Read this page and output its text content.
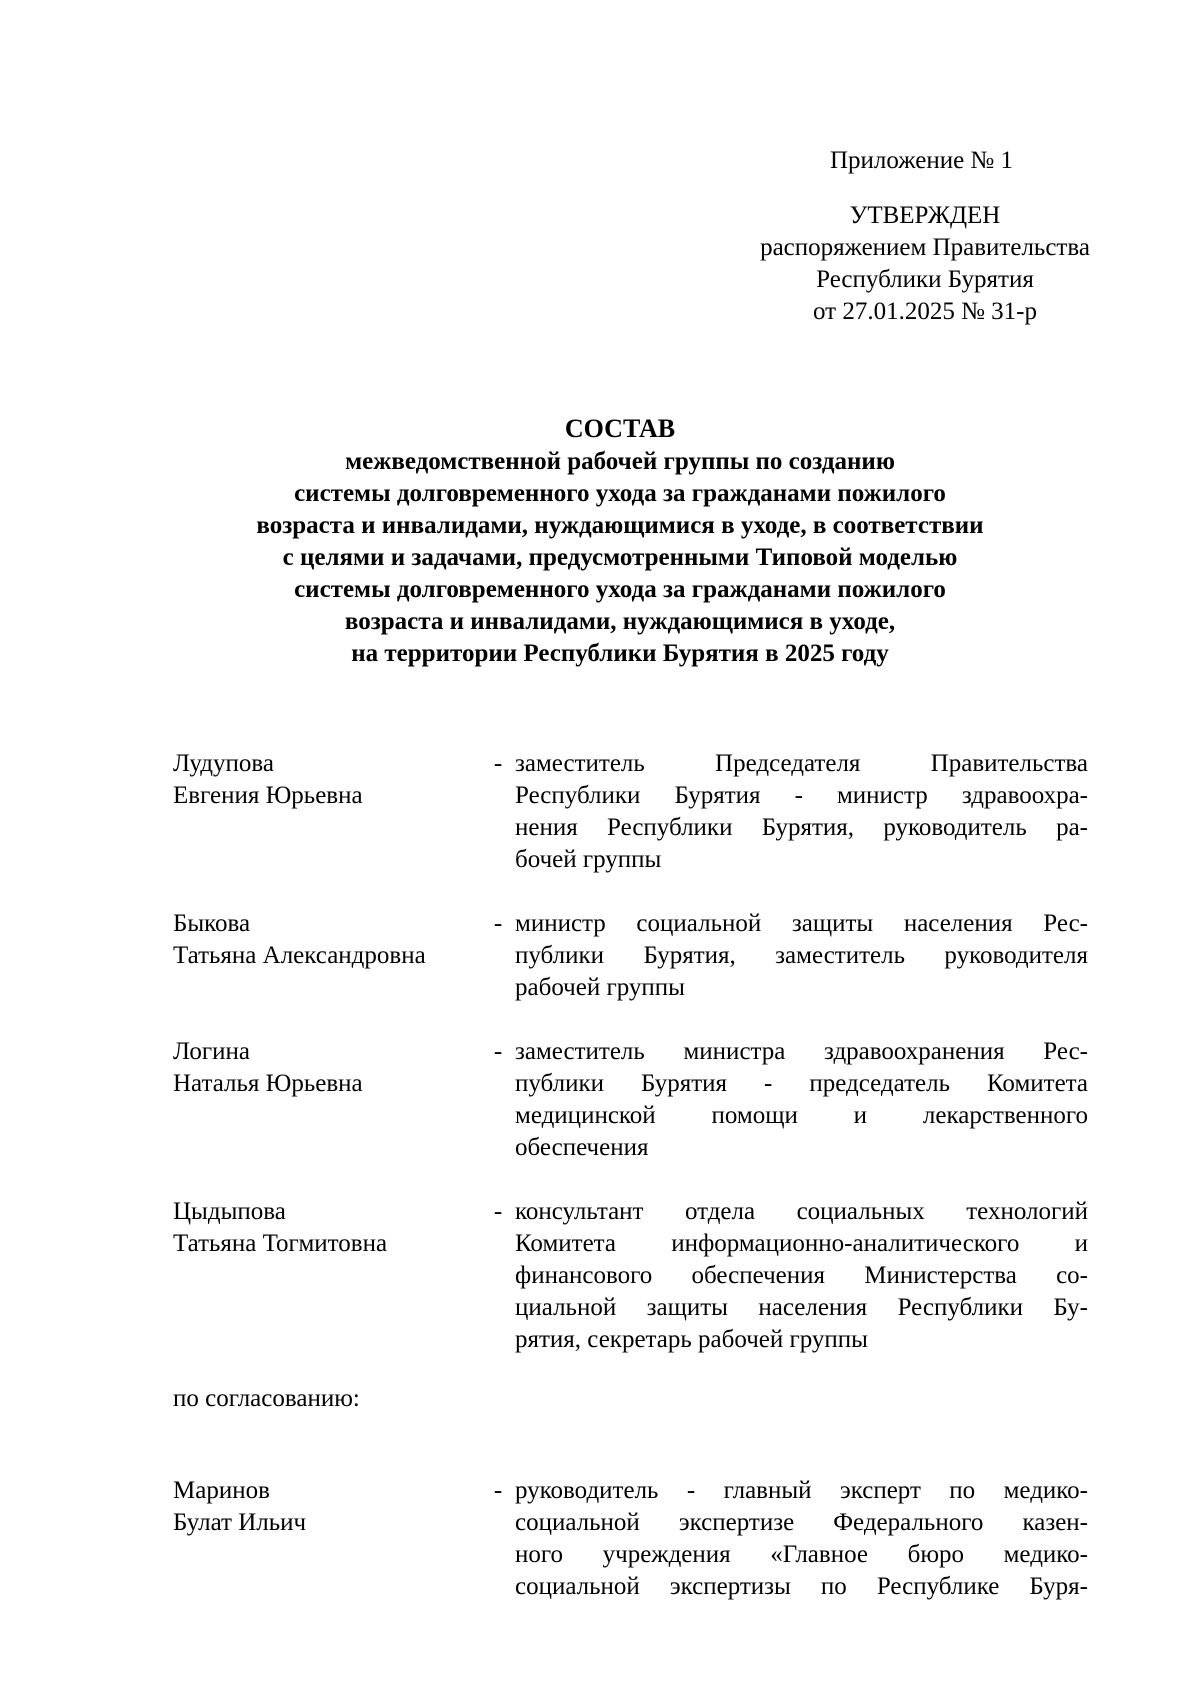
Приложение № 1
УТВЕРЖДЕН
распоряжением Правительства
Республики Бурятия
от 27.01.2025 № 31-р
СОСТАВ
межведомственной рабочей группы по созданию
системы долговременного ухода за гражданами пожилого
возраста и инвалидами, нуждающимися в уходе, в соответствии
с целями и задачами, предусмотренными Типовой моделью
системы долговременного ухода за гражданами пожилого
возраста и инвалидами, нуждающимися в уходе,
на территории Республики Бурятия в 2025 году
Лудупова
Евгения Юрьевна
- заместитель Председателя Правительства
Республики Бурятия - министр здравоохра-
нения Республики Бурятия, руководитель ра-
бочей группы
Быкова
Татьяна Александровна
- министр социальной защиты населения Рес-
публики Бурятия, заместитель руководителя
рабочей группы
Логина
Наталья Юрьевна
- заместитель министра здравоохранения Рес-
публики Бурятия - председатель Комитета
медицинской помощи и лекарственного
обеспечения
Цыдыпова
Татьяна Тогмитовна
- консультант отдела социальных технологий
Комитета информационно-аналитического и
финансового обеспечения Министерства со-
циальной защиты населения Республики Бу-
рятия, секретарь рабочей группы
по согласованию:
Маринов
Булат Ильич
- руководитель - главный эксперт по медико-
социальной экспертизе Федерального казен-
ного учреждения «Главное бюро медико-
социальной экспертизы по Республике Буря-
